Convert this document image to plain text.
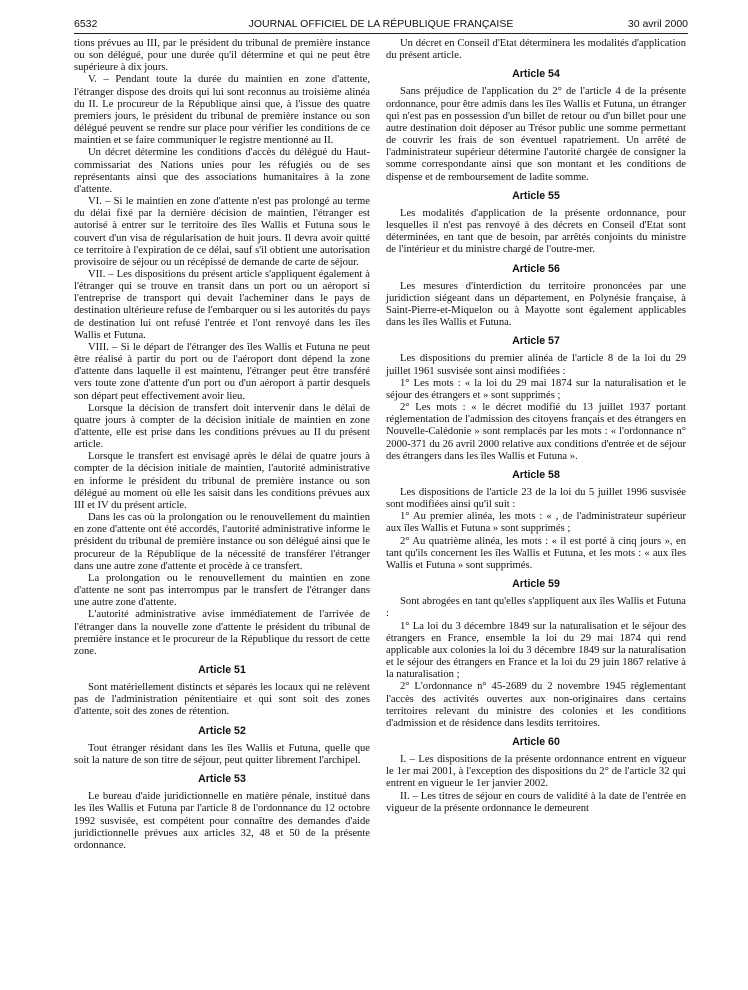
6532	JOURNAL OFFICIEL DE LA RÉPUBLIQUE FRANÇAISE	30 avril 2000

tions prévues au III, par le président du tribunal de première instance ou son délégué, pour une durée qu'il détermine et qui ne peut être supérieure à dix jours.

V. – Pendant toute la durée du maintien en zone d'attente, l'étranger dispose des droits qui lui sont reconnus au troisième alinéa du II. Le procureur de la République ainsi que, à l'issue des quatre premiers jours, le président du tribunal de première instance ou son délégué peuvent se rendre sur place pour vérifier les conditions de ce maintien et se faire communiquer le registre mentionné au II.

Un décret détermine les conditions d'accès du délégué du Haut-commissariat des Nations unies pour les réfugiés ou de ses représentants ainsi que des associations humanitaires à la zone d'attente.

VI. – Si le maintien en zone d'attente n'est pas prolongé au terme du délai fixé par la dernière décision de maintien, l'étranger est autorisé à entrer sur le territoire des îles Wallis et Futuna sous le couvert d'un visa de régularisation de huit jours. Il devra avoir quitté ce territoire à l'expiration de ce délai, sauf s'il obtient une autorisation provisoire de séjour ou un récépissé de demande de carte de séjour.

VII. – Les dispositions du présent article s'appliquent également à l'étranger qui se trouve en transit dans un port ou un aéroport si l'entreprise de transport qui devait l'acheminer dans le pays de destination ultérieure refuse de l'embarquer ou si les autorités du pays de destination lui ont refusé l'entrée et l'ont renvoyé dans les îles Wallis et Futuna.

VIII. – Si le départ de l'étranger des îles Wallis et Futuna ne peut être réalisé à partir du port ou de l'aéroport dont dépend la zone d'attente dans laquelle il est maintenu, l'étranger peut être transféré vers toute zone d'attente d'un port ou d'un aéroport à partir desquels son départ peut effectivement avoir lieu.

Lorsque la décision de transfert doit intervenir dans le délai de quatre jours à compter de la décision initiale de maintien en zone d'attente, elle est prise dans les conditions prévues au II du présent article.

Lorsque le transfert est envisagé après le délai de quatre jours à compter de la décision initiale de maintien, l'autorité administrative en informe le président du tribunal de première instance ou son délégué au moment où elle les saisit dans les conditions prévues aux III et IV du présent article.

Dans les cas où la prolongation ou le renouvellement du maintien en zone d'attente ont été accordés, l'autorité administrative informe le président du tribunal de première instance ou son délégué ainsi que le procureur de la République de la nécessité de transférer l'étranger dans une autre zone d'attente et procède à ce transfert.

La prolongation ou le renouvellement du maintien en zone d'attente ne sont pas interrompus par le transfert de l'étranger dans une autre zone d'attente.

L'autorité administrative avise immédiatement de l'arrivée de l'étranger dans la nouvelle zone d'attente le président du tribunal de première instance et le procureur de la République du ressort de cette zone.

Article 51

Sont matériellement distincts et séparés les locaux qui ne relèvent pas de l'administration pénitentiaire et qui sont soit des zones d'attente, soit des zones de rétention.

Article 52

Tout étranger résidant dans les îles Wallis et Futuna, quelle que soit la nature de son titre de séjour, peut quitter librement l'archipel.

Article 53

Le bureau d'aide juridictionnelle en matière pénale, institué dans les îles Wallis et Futuna par l'article 8 de l'ordonnance du 12 octobre 1992 susvisée, est compétent pour connaître des demandes d'aide juridictionnelle prévues aux articles 32, 48 et 50 de la présente ordonnance.

Un décret en Conseil d'Etat déterminera les modalités d'application du présent article.

Article 54

Sans préjudice de l'application du 2° de l'article 4 de la présente ordonnance, pour être admis dans les îles Wallis et Futuna, un étranger qui n'est pas en possession d'un billet de retour ou d'un billet pour une autre destination doit déposer au Trésor public une somme permettant de couvrir les frais de son éventuel rapatriement. Un arrêté de l'administrateur supérieur détermine l'autorité chargée de consigner la somme correspondante ainsi que son montant et les conditions de dispense et de remboursement de ladite somme.

Article 55

Les modalités d'application de la présente ordonnance, pour lesquelles il n'est pas renvoyé à des décrets en Conseil d'Etat sont déterminées, en tant que de besoin, par arrêtés conjoints du ministre de l'intérieur et du ministre chargé de l'outre-mer.

Article 56

Les mesures d'interdiction du territoire prononcées par une juridiction siégeant dans un département, en Polynésie française, à Saint-Pierre-et-Miquelon ou à Mayotte sont également applicables dans les îles Wallis et Futuna.

Article 57

Les dispositions du premier alinéa de l'article 8 de la loi du 29 juillet 1961 susvisée sont ainsi modifiées :

1° Les mots : « la loi du 29 mai 1874 sur la naturalisation et le séjour des étrangers et » sont supprimés ;

2° Les mots : « le décret modifié du 13 juillet 1937 portant réglementation de l'admission des citoyens français et des étrangers en Nouvelle-Calédonie » sont remplacés par les mots : « l'ordonnance n° 2000-371 du 26 avril 2000 relative aux conditions d'entrée et de séjour des étrangers dans les îles Wallis et Futuna ».

Article 58

Les dispositions de l'article 23 de la loi du 5 juillet 1996 susvisée sont modifiées ainsi qu'il suit :

1° Au premier alinéa, les mots : « , de l'administrateur supérieur aux îles Wallis et Futuna » sont supprimés ;

2° Au quatrième alinéa, les mots : « il est porté à cinq jours », en tant qu'ils concernent les îles Wallis et Futuna, et les mots : « aux îles Wallis et Futuna » sont supprimés.

Article 59

Sont abrogées en tant qu'elles s'appliquent aux îles Wallis et Futuna :

1° La loi du 3 décembre 1849 sur la naturalisation et le séjour des étrangers en France, ensemble la loi du 29 mai 1874 qui rend applicable aux colonies la loi du 3 décembre 1849 sur la naturalisation et le séjour des étrangers en France et la loi du 29 juin 1867 relative à la naturalisation ;

2° L'ordonnance n° 45-2689 du 2 novembre 1945 réglementant l'accès des activités ouvertes aux non-originaires dans certains territoires relevant du ministre des colonies et les conditions d'admission et de résidence dans lesdits territoires.

Article 60

I. – Les dispositions de la présente ordonnance entrent en vigueur le 1er mai 2001, à l'exception des dispositions du 2° de l'article 32 qui entrent en vigueur le 1er janvier 2002.

II. – Les titres de séjour en cours de validité à la date de l'entrée en vigueur de la présente ordonnance le demeurent
